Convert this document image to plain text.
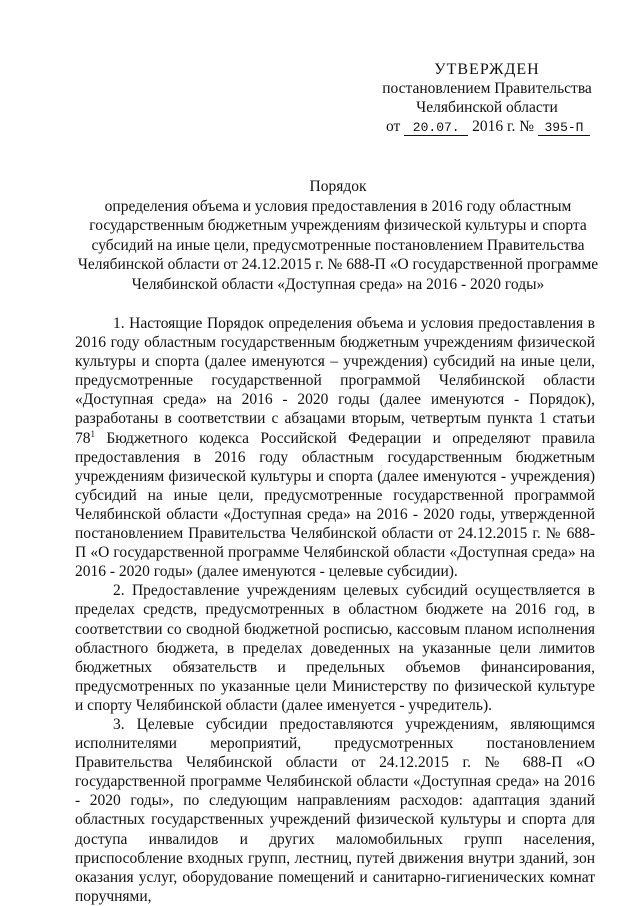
УТВЕРЖДЕН
постановлением Правительства
Челябинской области
от 20.07. 2016 г. № 395-П
Порядок
определения объема и условия предоставления в 2016 году областным
государственным бюджетным учреждениям физической культуры и спорта
субсидий на иные цели, предусмотренные постановлением Правительства
Челябинской области от 24.12.2015 г. № 688-П «О государственной программе
Челябинской области «Доступная среда» на 2016 - 2020 годы»

1. Настоящие Порядок определения объема и условия предоставления в 2016 году областным государственным бюджетным учреждениям физической культуры и спорта (далее именуются – учреждения) субсидий на иные цели, предусмотренные государственной программой Челябинской области «Доступная среда» на 2016 - 2020 годы (далее именуются - Порядок), разработаны в соответствии с абзацами вторым, четвертым пункта 1 статьи 78$^1$ Бюджетного кодекса Российской Федерации и определяют правила предоставления в 2016 году областным государственным бюджетным учреждениям физической культуры и спорта (далее именуются - учреждения) субсидий на иные цели, предусмотренные государственной программой Челябинской области «Доступная среда» на 2016 - 2020 годы, утвержденной постановлением Правительства Челябинской области от 24.12.2015 г. № 688-П «О государственной программе Челябинской области «Доступная среда» на 2016 - 2020 годы» (далее именуются - целевые субсидии).

2. Предоставление учреждениям целевых субсидий осуществляется в пределах средств, предусмотренных в областном бюджете на 2016 год, в соответствии со сводной бюджетной росписью, кассовым планом исполнения областного бюджета, в пределах доведенных на указанные цели лимитов бюджетных обязательств и предельных объемов финансирования, предусмотренных по указанные цели Министерству по физической культуре и спорту Челябинской области (далее именуется - учредитель).

3. Целевые субсидии предоставляются учреждениям, являющимся исполнителями мероприятий, предусмотренных постановлением Правительства Челябинской области от 24.12.2015 г. № 688-П «О государственной программе Челябинской области «Доступная среда» на 2016 - 2020 годы», по следующим направлениям расходов: адаптация зданий областных государственных учреждений физической культуры и спорта для доступа инвалидов и других маломобильных групп населения, приспособление входных групп, лестниц, путей движения внутри зданий, зон оказания услуг, оборудование помещений и санитарно-гигиенических комнат поручнями,
